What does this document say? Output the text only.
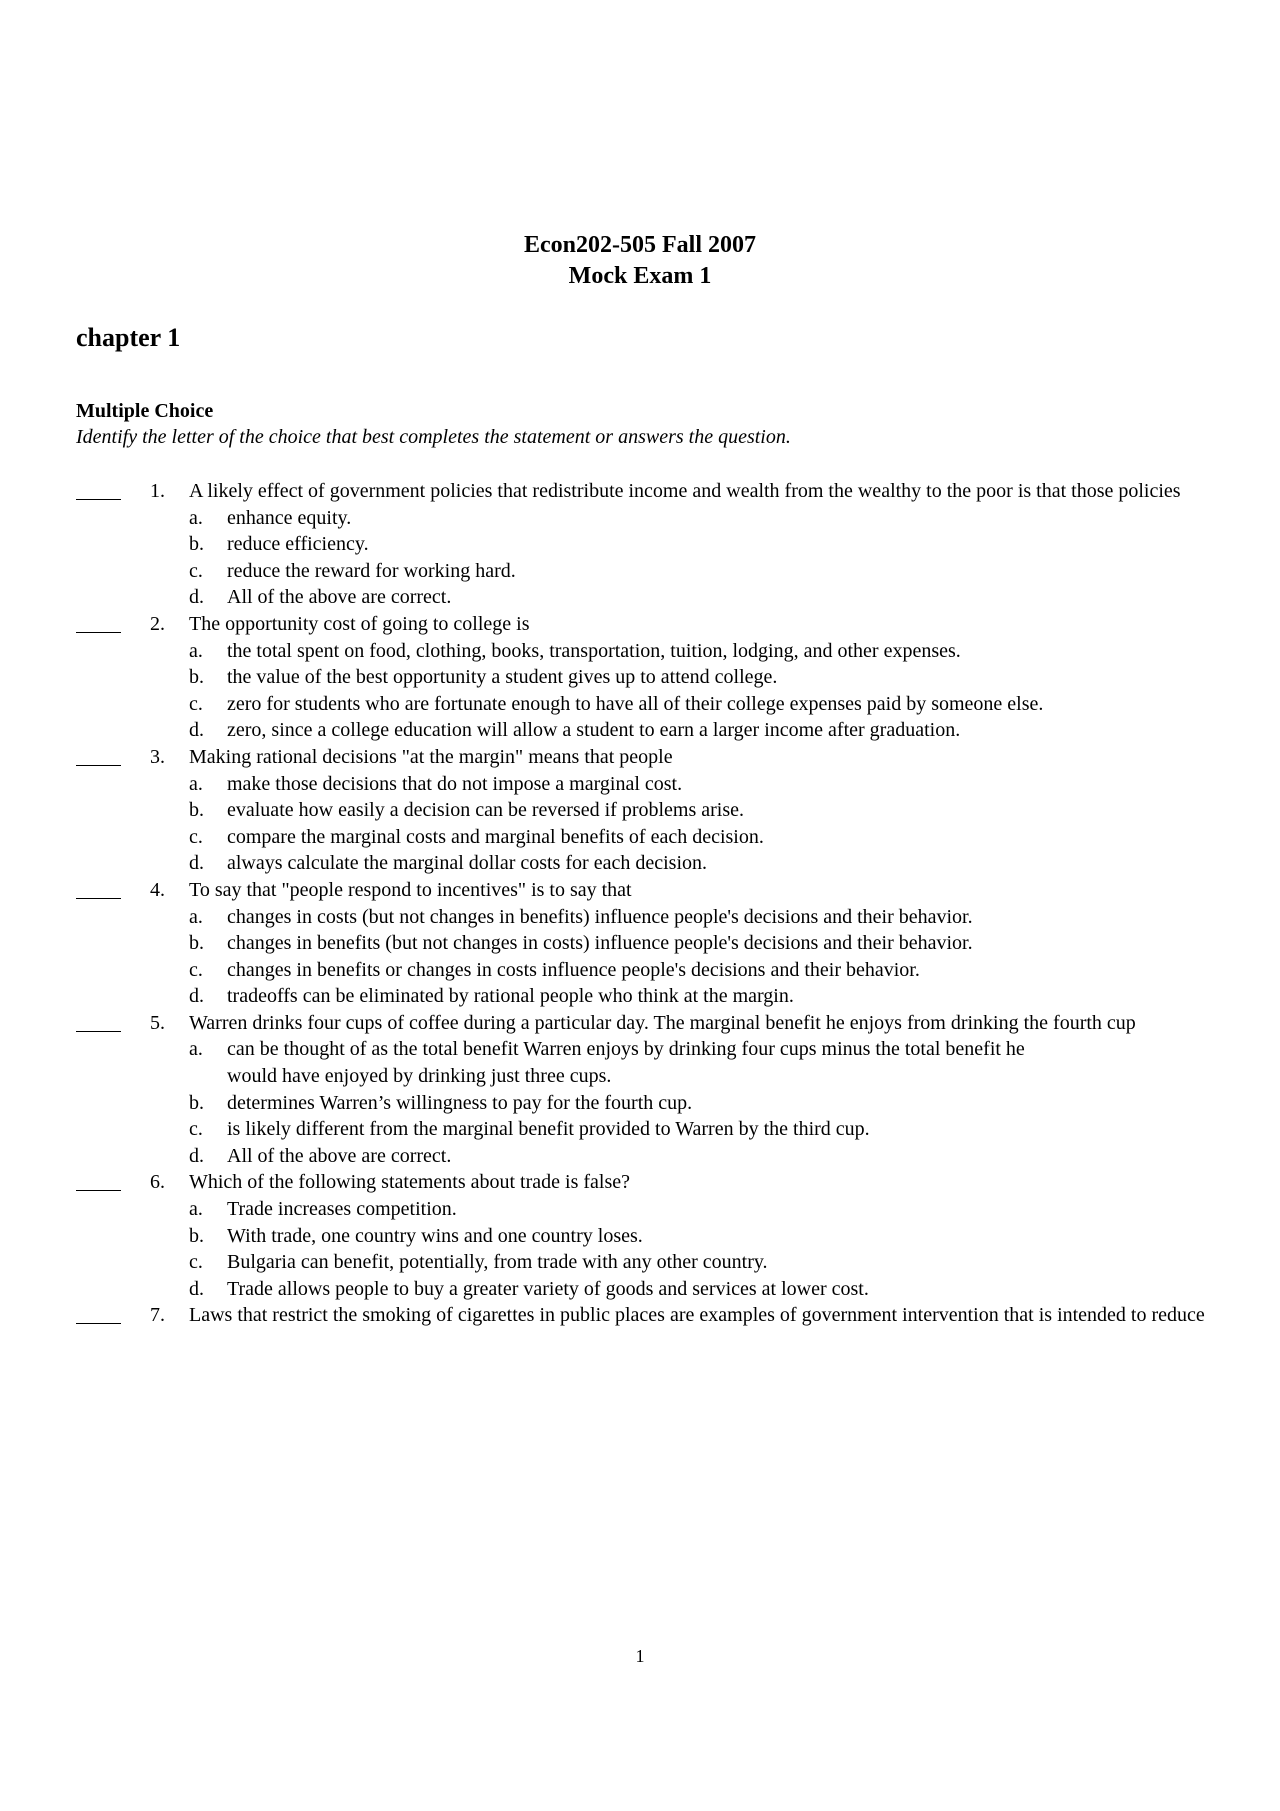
Econ202-505 Fall 2007
Mock Exam 1
chapter 1
Multiple Choice
Identify the letter of the choice that best completes the statement or answers the question.
1. A likely effect of government policies that redistribute income and wealth from the wealthy to the poor is that those policies
a. enhance equity.
b. reduce efficiency.
c. reduce the reward for working hard.
d. All of the above are correct.
2. The opportunity cost of going to college is
a. the total spent on food, clothing, books, transportation, tuition, lodging, and other expenses.
b. the value of the best opportunity a student gives up to attend college.
c. zero for students who are fortunate enough to have all of their college expenses paid by someone else.
d. zero, since a college education will allow a student to earn a larger income after graduation.
3. Making rational decisions "at the margin" means that people
a. make those decisions that do not impose a marginal cost.
b. evaluate how easily a decision can be reversed if problems arise.
c. compare the marginal costs and marginal benefits of each decision.
d. always calculate the marginal dollar costs for each decision.
4. To say that "people respond to incentives" is to say that
a. changes in costs (but not changes in benefits) influence people's decisions and their behavior.
b. changes in benefits (but not changes in costs) influence people's decisions and their behavior.
c. changes in benefits or changes in costs influence people's decisions and their behavior.
d. tradeoffs can be eliminated by rational people who think at the margin.
5. Warren drinks four cups of coffee during a particular day. The marginal benefit he enjoys from drinking the fourth cup
a. can be thought of as the total benefit Warren enjoys by drinking four cups minus the total benefit he would have enjoyed by drinking just three cups.
b. determines Warren’s willingness to pay for the fourth cup.
c. is likely different from the marginal benefit provided to Warren by the third cup.
d. All of the above are correct.
6. Which of the following statements about trade is false?
a. Trade increases competition.
b. With trade, one country wins and one country loses.
c. Bulgaria can benefit, potentially, from trade with any other country.
d. Trade allows people to buy a greater variety of goods and services at lower cost.
7. Laws that restrict the smoking of cigarettes in public places are examples of government intervention that is intended to reduce
1
